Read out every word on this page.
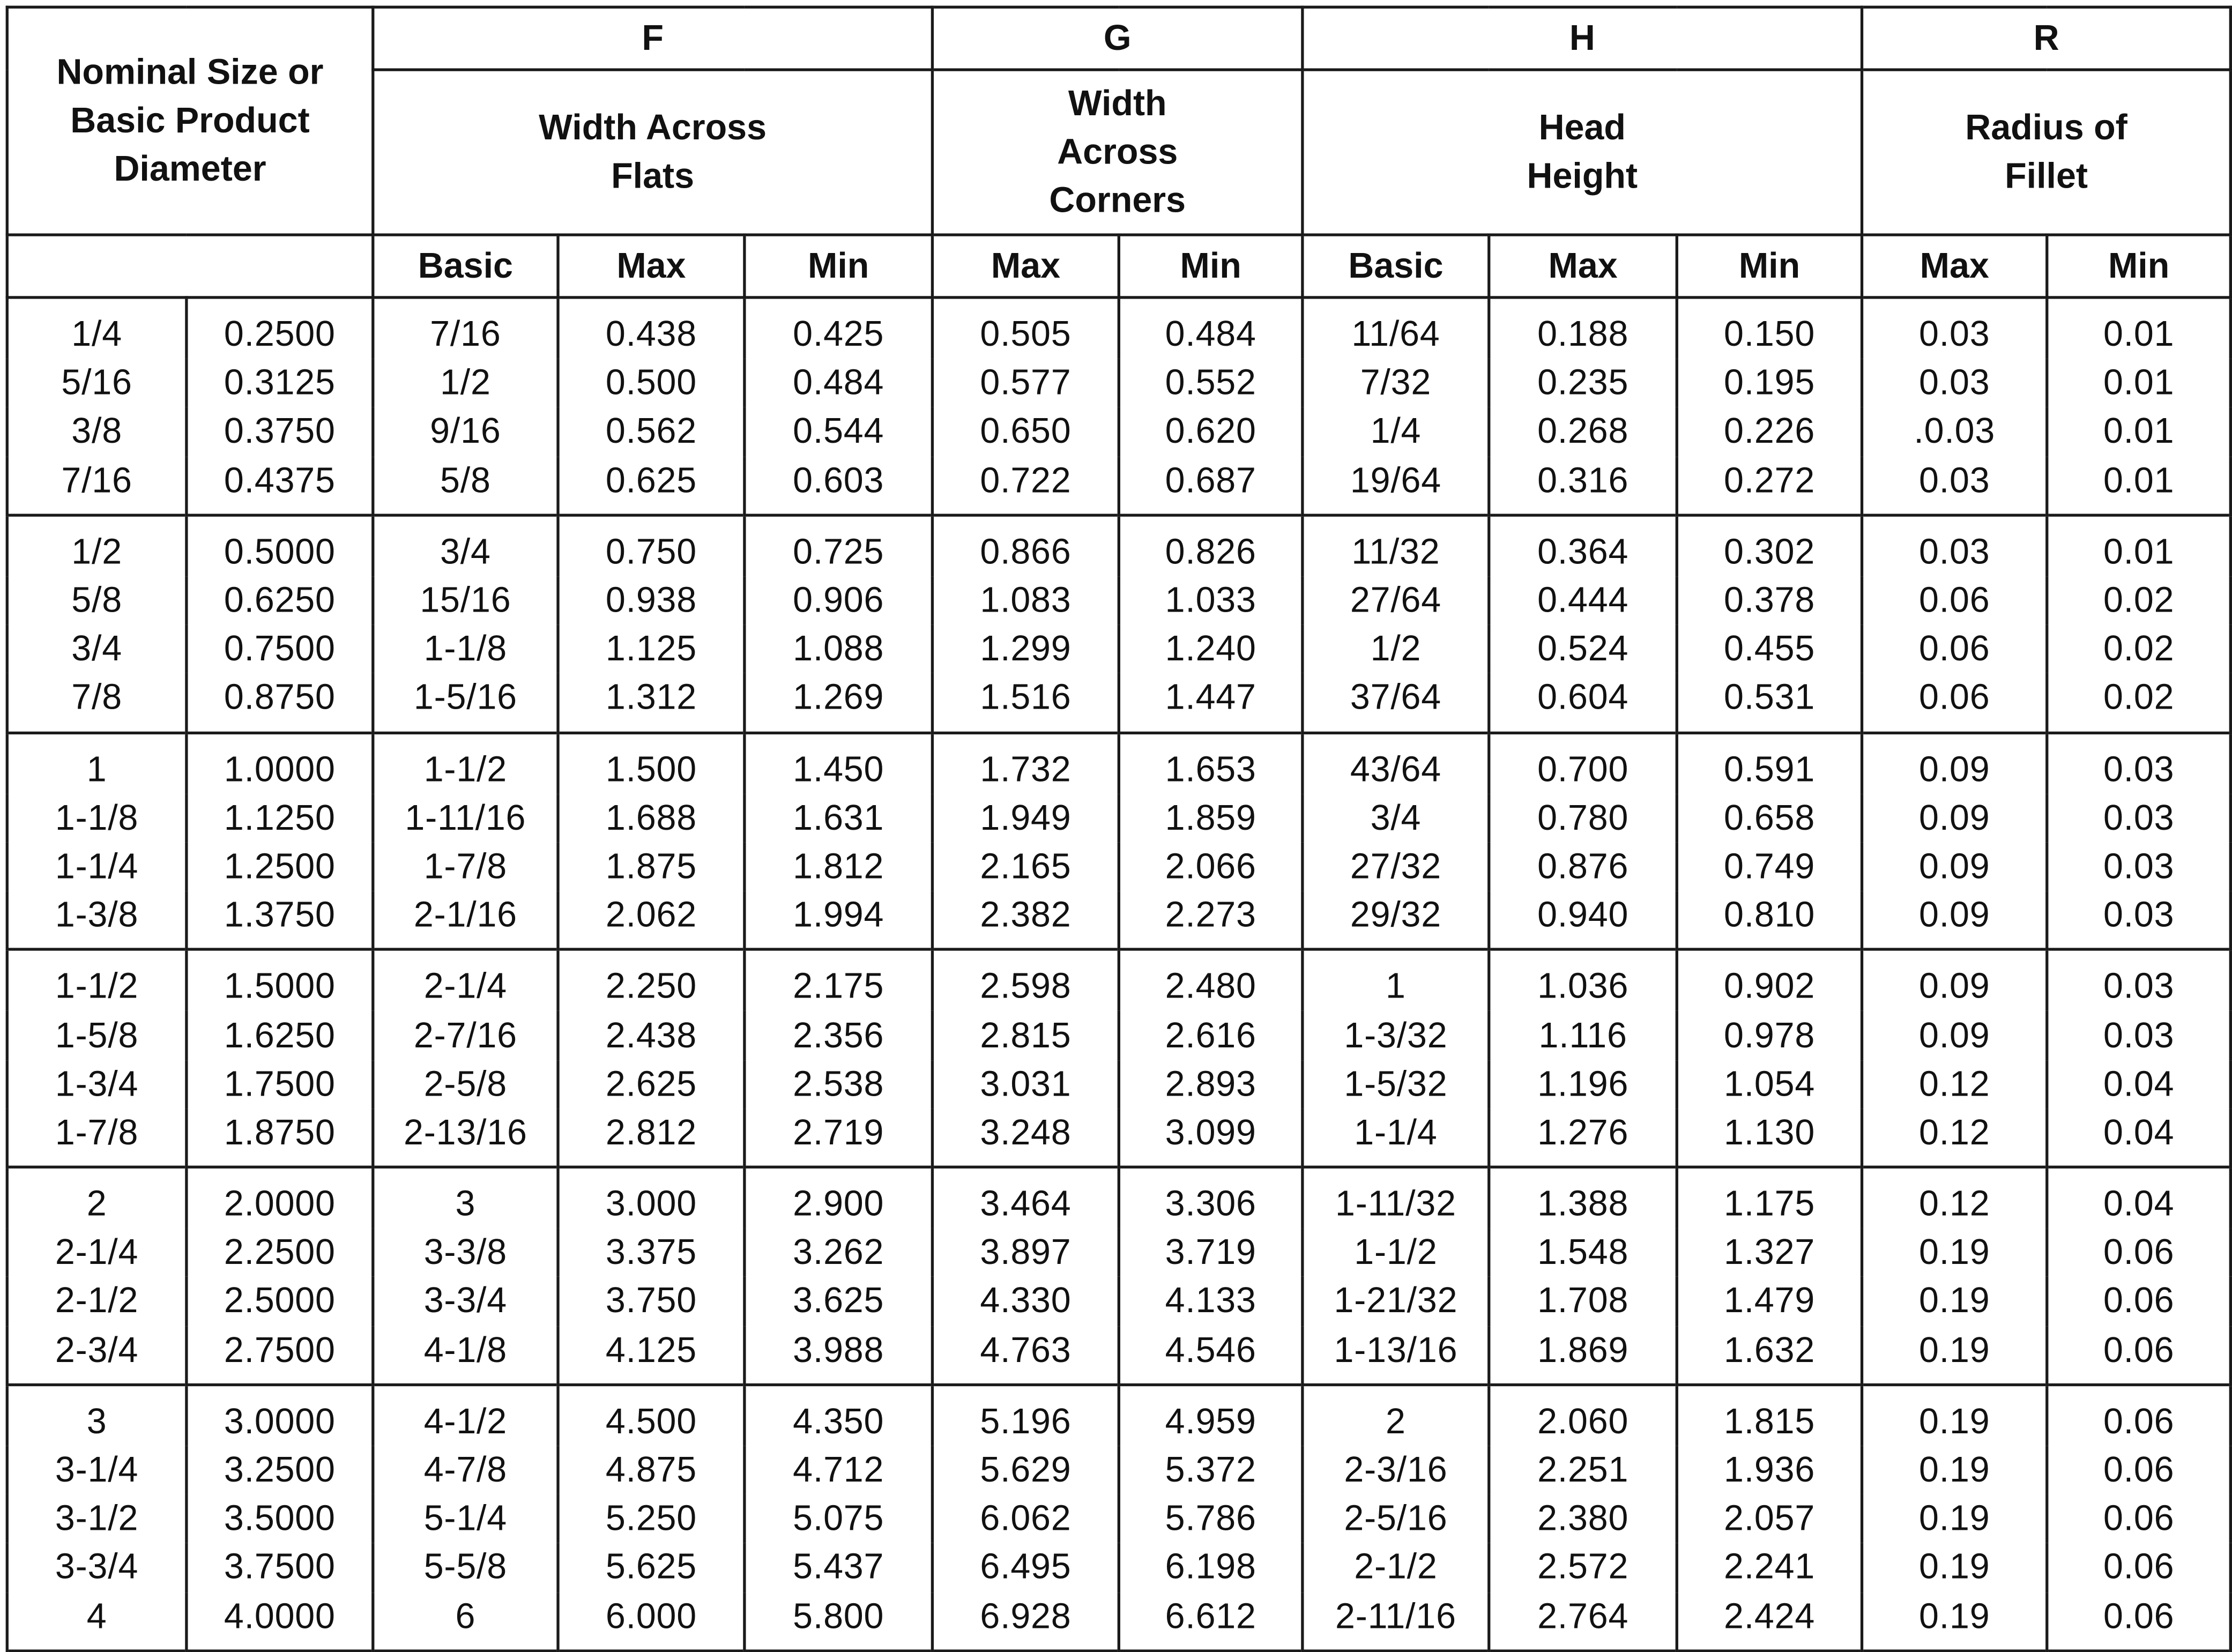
Nominal Size or Basic Product Diameter		F			G		H			R	
		Width Across Flats			Width Across Corners		Head Height			Radius of Fillet	
		Basic	Max	Min	Max	Min	Basic	Max	Min	Max	Min
1/4	0.2500	7/16	0.438	0.425	0.505	0.484	11/64	0.188	0.150	0.03	0.01
5/16	0.3125	1/2	0.500	0.484	0.577	0.552	7/32	0.235	0.195	0.03	0.01
3/8	0.3750	9/16	0.562	0.544	0.650	0.620	1/4	0.268	0.226	.0.03	0.01
7/16	0.4375	5/8	0.625	0.603	0.722	0.687	19/64	0.316	0.272	0.03	0.01
1/2	0.5000	3/4	0.750	0.725	0.866	0.826	11/32	0.364	0.302	0.03	0.01
5/8	0.6250	15/16	0.938	0.906	1.083	1.033	27/64	0.444	0.378	0.06	0.02
3/4	0.7500	1-1/8	1.125	1.088	1.299	1.240	1/2	0.524	0.455	0.06	0.02
7/8	0.8750	1-5/16	1.312	1.269	1.516	1.447	37/64	0.604	0.531	0.06	0.02
1	1.0000	1-1/2	1.500	1.450	1.732	1.653	43/64	0.700	0.591	0.09	0.03
1-1/8	1.1250	1-11/16	1.688	1.631	1.949	1.859	3/4	0.780	0.658	0.09	0.03
1-1/4	1.2500	1-7/8	1.875	1.812	2.165	2.066	27/32	0.876	0.749	0.09	0.03
1-3/8	1.3750	2-1/16	2.062	1.994	2.382	2.273	29/32	0.940	0.810	0.09	0.03
1-1/2	1.5000	2-1/4	2.250	2.175	2.598	2.480	1	1.036	0.902	0.09	0.03
1-5/8	1.6250	2-7/16	2.438	2.356	2.815	2.616	1-3/32	1.116	0.978	0.09	0.03
1-3/4	1.7500	2-5/8	2.625	2.538	3.031	2.893	1-5/32	1.196	1.054	0.12	0.04
1-7/8	1.8750	2-13/16	2.812	2.719	3.248	3.099	1-1/4	1.276	1.130	0.12	0.04
2	2.0000	3	3.000	2.900	3.464	3.306	1-11/32	1.388	1.175	0.12	0.04
2-1/4	2.2500	3-3/8	3.375	3.262	3.897	3.719	1-1/2	1.548	1.327	0.19	0.06
2-1/2	2.5000	3-3/4	3.750	3.625	4.330	4.133	1-21/32	1.708	1.479	0.19	0.06
2-3/4	2.7500	4-1/8	4.125	3.988	4.763	4.546	1-13/16	1.869	1.632	0.19	0.06
3	3.0000	4-1/2	4.500	4.350	5.196	4.959	2	2.060	1.815	0.19	0.06
3-1/4	3.2500	4-7/8	4.875	4.712	5.629	5.372	2-3/16	2.251	1.936	0.19	0.06
3-1/2	3.5000	5-1/4	5.250	5.075	6.062	5.786	2-5/16	2.380	2.057	0.19	0.06
3-3/4	3.7500	5-5/8	5.625	5.437	6.495	6.198	2-1/2	2.572	2.241	0.19	0.06
4	4.0000	6	6.000	5.800	6.928	6.612	2-11/16	2.764	2.424	0.19	0.06
